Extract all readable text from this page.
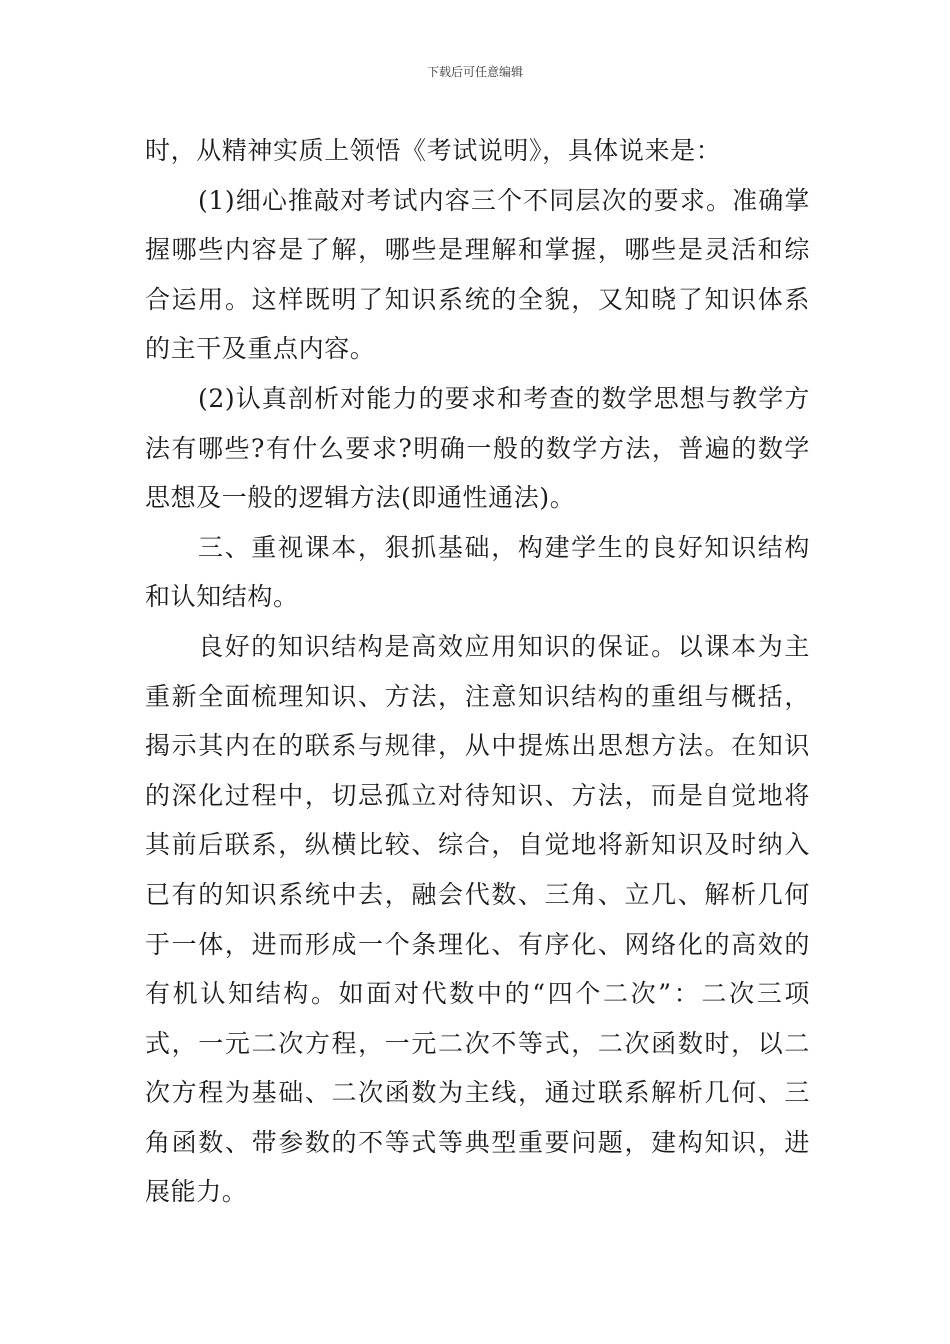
下载后可任意编辑

时，从精神实质上领悟《考试说明》，具体说来是：

(1)细心推敲对考试内容三个不同层次的要求。准确掌握哪些内容是了解，哪些是理解和掌握，哪些是灵活和综合运用。这样既明了知识系统的全貌，又知晓了知识体系的主干及重点内容。

(2)认真剖析对能力的要求和考查的数学思想与教学方法有哪些?有什么要求?明确一般的数学方法，普遍的数学思想及一般的逻辑方法(即通性通法)。

三、重视课本，狠抓基础，构建学生的良好知识结构和认知结构。

良好的知识结构是高效应用知识的保证。以课本为主重新全面梳理知识、方法，注意知识结构的重组与概括，揭示其内在的联系与规律，从中提炼出思想方法。在知识的深化过程中，切忌孤立对待知识、方法，而是自觉地将其前后联系，纵横比较、综合，自觉地将新知识及时纳入已有的知识系统中去，融会代数、三角、立几、解析几何于一体，进而形成一个条理化、有序化、网络化的高效的有机认知结构。如面对代数中的“四个二次”：二次三项式，一元二次方程，一元二次不等式，二次函数时，以二次方程为基础、二次函数为主线，通过联系解析几何、三角函数、带参数的不等式等典型重要问题，建构知识，进展能力。
